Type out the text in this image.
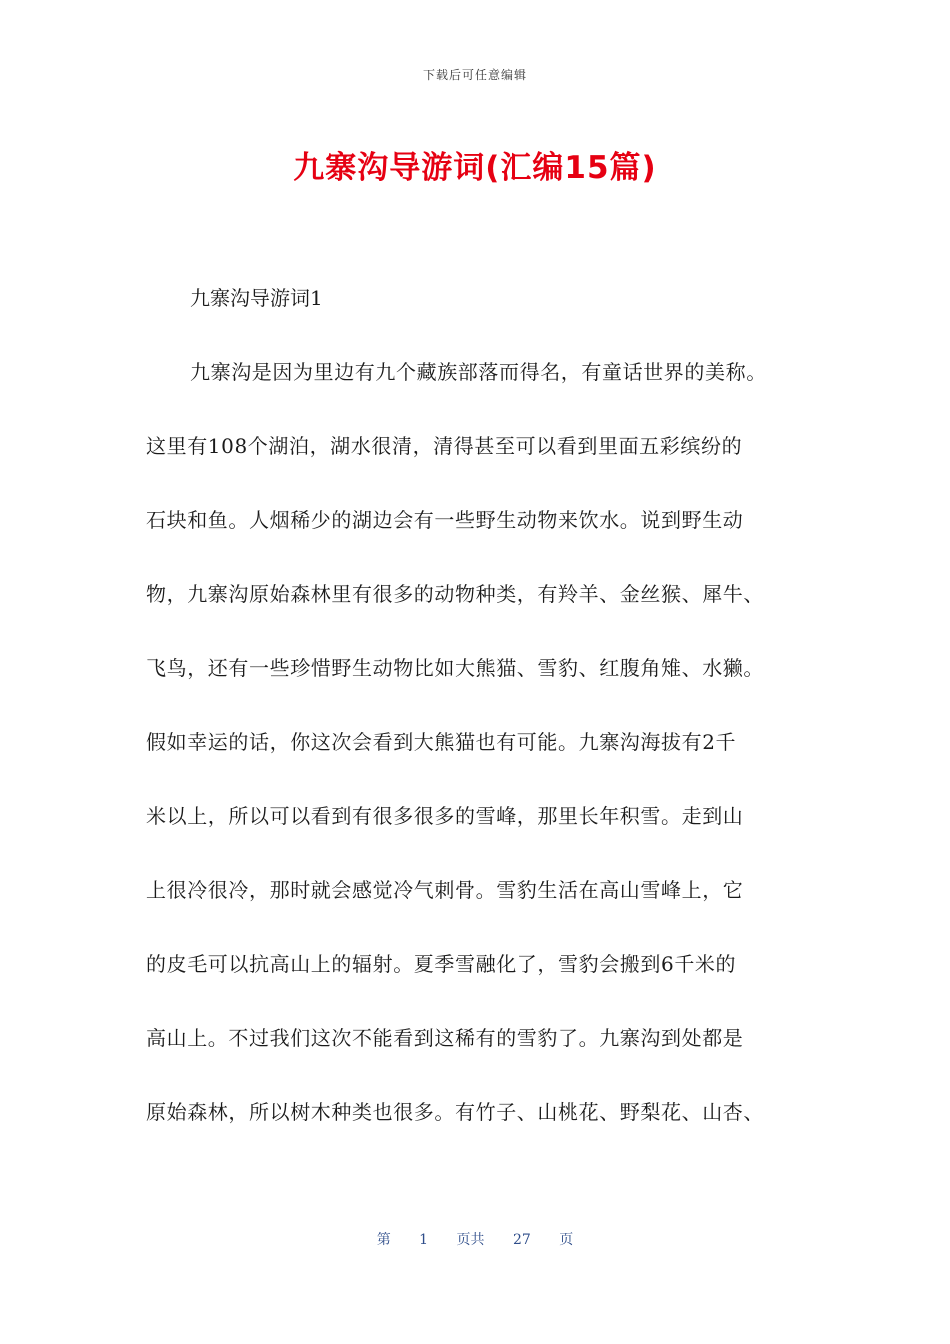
下载后可任意编辑
九寨沟导游词(汇编15篇)
九寨沟导游词1
九寨沟是因为里边有九个藏族部落而得名，有童话世界的美称。
这里有108个湖泊，湖水很清，清得甚至可以看到里面五彩缤纷的
石块和鱼。人烟稀少的湖边会有一些野生动物来饮水。说到野生动
物，九寨沟原始森林里有很多的动物种类，有羚羊、金丝猴、犀牛、
飞鸟，还有一些珍惜野生动物比如大熊猫、雪豹、红腹角雉、水獭。
假如幸运的话，你这次会看到大熊猫也有可能。九寨沟海拔有2千
米以上，所以可以看到有很多很多的雪峰，那里长年积雪。走到山
上很冷很冷，那时就会感觉冷气刺骨。雪豹生活在高山雪峰上，它
的皮毛可以抗高山上的辐射。夏季雪融化了，雪豹会搬到6千米的
高山上。不过我们这次不能看到这稀有的雪豹了。九寨沟到处都是
原始森林，所以树木种类也很多。有竹子、山桃花、野梨花、山杏、
第 1 页共 27 页
